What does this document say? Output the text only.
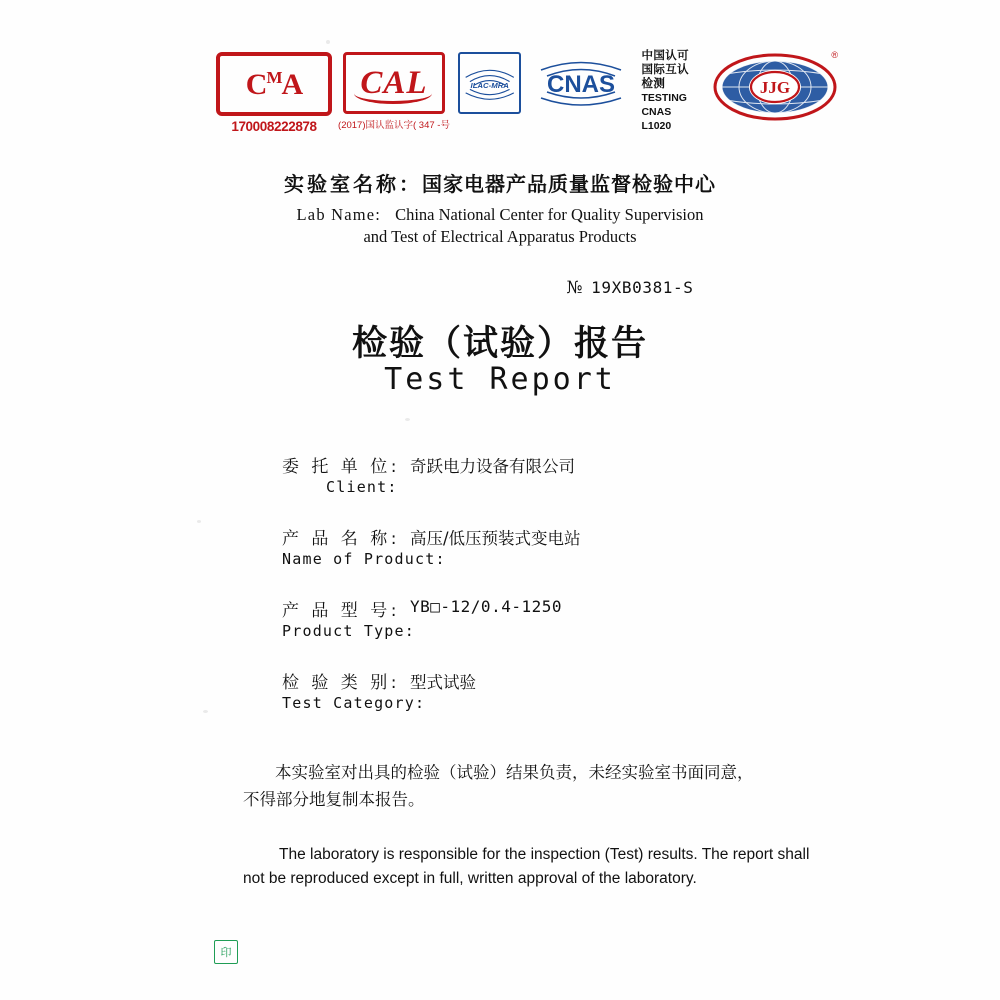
$C^MA$
170008222878
CAL
(2017)国认监认字( 347 -号
ILAC-MRA CNAS
中国认可
国际互认
检测
TESTING
CNAS L1020
JJG
®
实验室名称：国家电器产品质量监督检验中心
Lab Name: China National Center for Quality Supervision
and Test of Electrical Apparatus Products
№ 19XB0381-S
检验（试验）报告
Test Report
委 托 单 位:
Client:
奇跃电力设备有限公司
产 品 名 称:
Name of Product:
高压/低压预装式变电站
产 品 型 号:
Product Type:
YB□-12/0.4-1250
检 验 类 别:
Test Category:
型式试验
本实验室对出具的检验（试验）结果负责，未经实验室书面同意，
不得部分地复制本报告。
The laboratory is responsible for the inspection (Test) results. The report shall
not be reproduced except in full, written approval of the laboratory.
印
